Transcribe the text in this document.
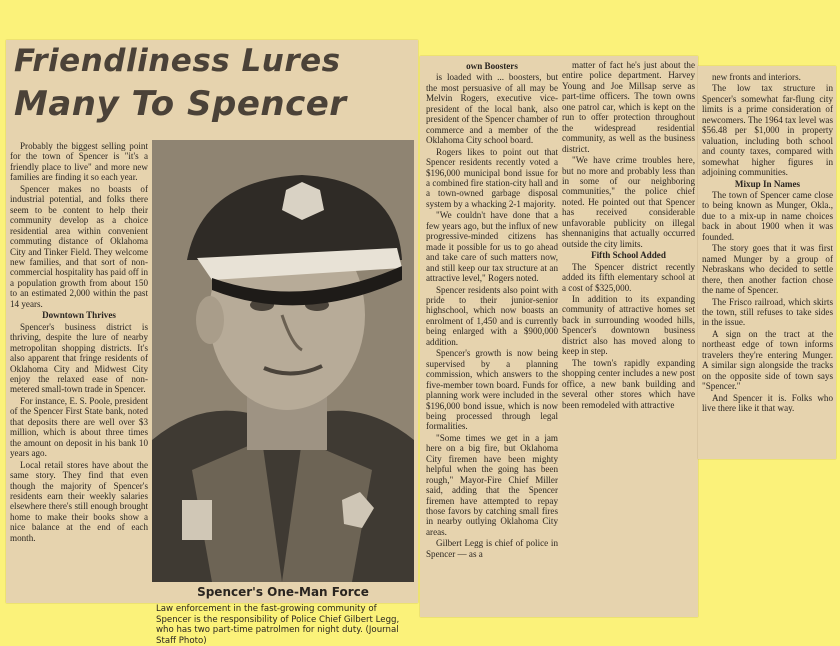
Friendliness Lures
Many To Spencer

Probably the biggest selling point for the town of Spencer is "it's a friendly place to live" and more new families are finding it so each year.

Spencer makes no boasts of industrial potential, and folks there seem to be content to help their community develop as a choice residential area within convenient commuting distance of Oklahoma City and Tinker Field. They welcome new families, and that sort of non-commercial hospitality has paid off in a population growth from about 150 to an estimated 2,000 within the past 14 years.

Downtown Thrives

Spencer's business district is thriving, despite the lure of nearby metropolitan shopping districts. It's also apparent that fringe residents of Oklahoma City and Midwest City enjoy the relaxed ease of non-metered small-town trade in Spencer.

For instance, E. S. Poole, president of the Spencer First State bank, noted that deposits there are well over $3 million, which is about three times the amount on deposit in his bank 10 years ago.

Local retail stores have about the same story. They find that even though the majority of Spencer's residents earn their weekly salaries elsewhere there's still enough brought home to make their books show a nice balance at the end of each month.

Spencer's One-Man Force
Law enforcement in the fast-growing community of Spencer is the responsibility of Police Chief Gilbert Legg, who has two part-time patrolmen for night duty. (Journal Staff Photo)

own Boosters

is loaded with ... boosters, but the most persuasive of all may be Melvin Rogers, executive vice-president of the local bank, also president of the Spencer chamber of commerce and a member of the Oklahoma City school board.

Rogers likes to point out that Spencer residents recently voted a $196,000 municipal bond issue for a combined fire station-city hall and a town-owned garbage disposal system by a whacking 2-1 majority.

"We couldn't have done that a few years ago, but the influx of new progressive-minded citizens has made it possible for us to go ahead and take care of such matters now, and still keep our tax structure at an attractive level," Rogers noted.

Spencer residents also point with pride to their junior-senior highschool, which now boasts an enrolment of 1,450 and is currently being enlarged with a $900,000 addition.

Spencer's growth is now being supervised by a planning commission, which answers to the five-member town board. Funds for planning work were included in the $196,000 bond issue, which is now being processed through legal formalities.

"Some times we get in a jam here on a big fire, but Oklahoma City firemen have been mighty helpful when the going has been rough," Mayor-Fire Chief Miller said, adding that the Spencer firemen have attempted to repay those favors by catching small fires in nearby outlying Oklahoma City areas.

Gilbert Legg is chief of police in Spencer — as a

matter of fact he's just about the entire police department. Harvey Young and Joe Millsap serve as part-time officers. The town owns one patrol car, which is kept on the run to offer protection throughout the widespread residential community, as well as the business district.

"We have crime troubles here, but no more and probably less than in some of our neighboring communities," the police chief noted. He pointed out that Spencer has received considerable unfavorable publicity on illegal shennanigins that actually occurred outside the city limits.

Fifth School Added

The Spencer district recently added its fifth elementary school at a cost of $325,000.

In addition to its expanding community of attractive homes set back in surrounding wooded hills, Spencer's downtown business district also has moved along to keep in step.

The town's rapidly expanding shopping center includes a new post office, a new bank building and several other stores which have been remodeled with attractive

new fronts and interiors.

The low tax structure in Spencer's somewhat far-flung city limits is a prime consideration of newcomers. The 1964 tax level was $56.48 per $1,000 in property valuation, including both school and county taxes, compared with somewhat higher figures in adjoining communities.

Mixup In Names

The town of Spencer came close to being known as Munger, Okla., due to a mix-up in name choices back in about 1900 when it was founded.

The story goes that it was first named Munger by a group of Nebraskans who decided to settle there, then another faction chose the name of Spencer.

The Frisco railroad, which skirts the town, still refuses to take sides in the issue.

A sign on the tract at the northeast edge of town informs travelers they're entering Munger. A similar sign alongside the tracks on the opposite side of town says "Spencer."

And Spencer it is. Folks who live there like it that way.
